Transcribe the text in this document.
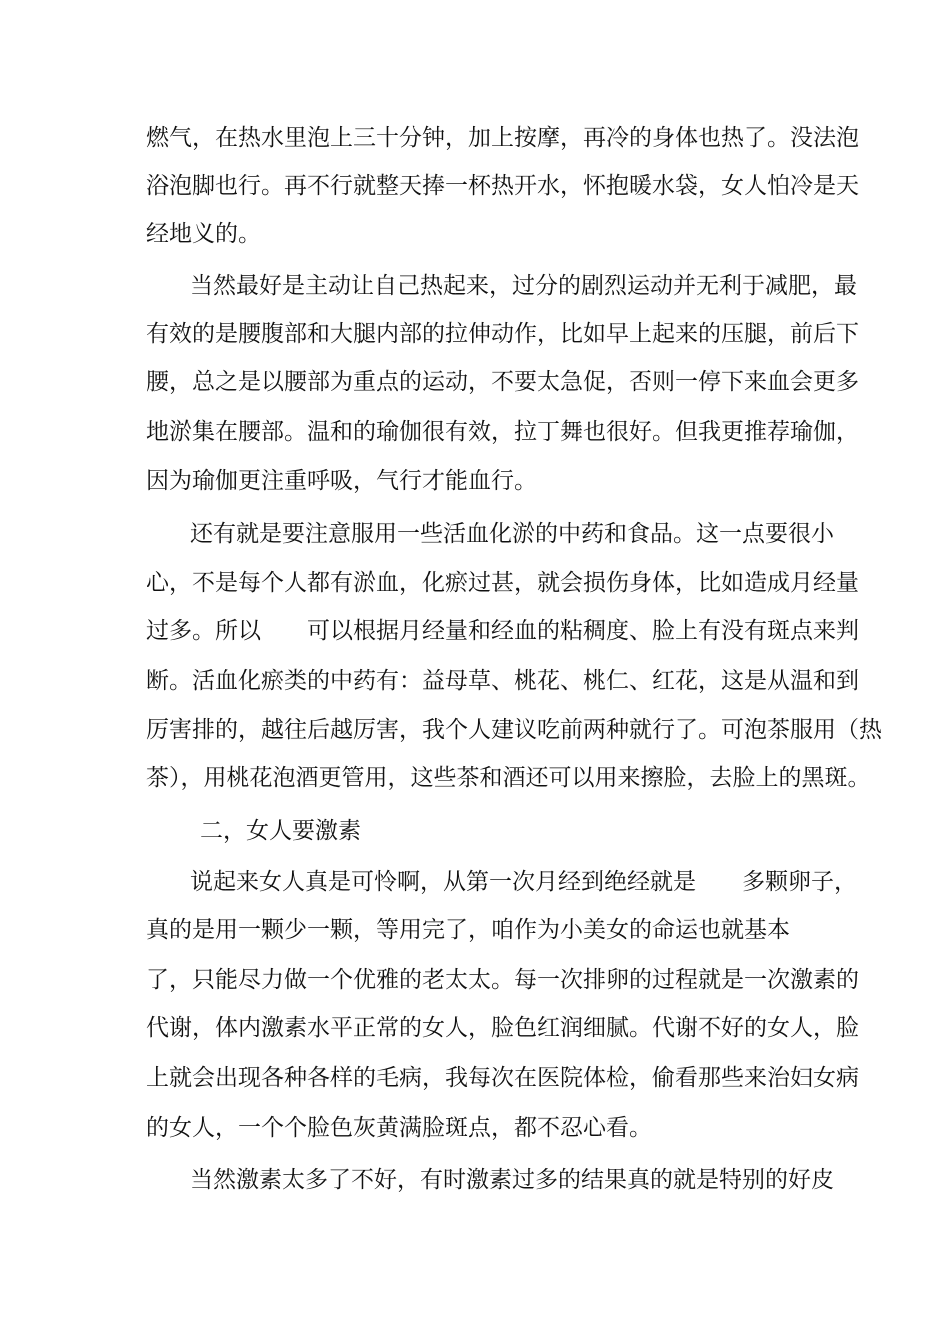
燃气，在热水里泡上三十分钟，加上按摩，再冷的身体也热了。没法泡

浴泡脚也行。再不行就整天捧一杯热开水，怀抱暖水袋，女人怕冷是天

经地义的。

当然最好是主动让自己热起来，过分的剧烈运动并无利于减肥，最

有效的是腰腹部和大腿内部的拉伸动作，比如早上起来的压腿，前后下

腰，总之是以腰部为重点的运动，不要太急促，否则一停下来血会更多

地淤集在腰部。温和的瑜伽很有效，拉丁舞也很好。但我更推荐瑜伽，

因为瑜伽更注重呼吸，气行才能血行。

还有就是要注意服用一些活血化淤的中药和食品。这一点要很小

心，不是每个人都有淤血，化瘀过甚，就会损伤身体，比如造成月经量

过多。所以　　可以根据月经量和经血的粘稠度、脸上有没有斑点来判

断。活血化瘀类的中药有：益母草、桃花、桃仁、红花，这是从温和到

厉害排的，越往后越厉害，我个人建议吃前两种就行了。可泡茶服用（热

茶），用桃花泡酒更管用，这些茶和酒还可以用来擦脸，去脸上的黑斑。

二，女人要激素

说起来女人真是可怜啊，从第一次月经到绝经就是　　多颗卵子，

真的是用一颗少一颗，等用完了，咱作为小美女的命运也就基本

了，只能尽力做一个优雅的老太太。每一次排卵的过程就是一次激素的

代谢，体内激素水平正常的女人，脸色红润细腻。代谢不好的女人，脸

上就会出现各种各样的毛病，我每次在医院体检，偷看那些来治妇女病

的女人，一个个脸色灰黄满脸斑点，都不忍心看。

当然激素太多了不好，有时激素过多的结果真的就是特别的好皮
